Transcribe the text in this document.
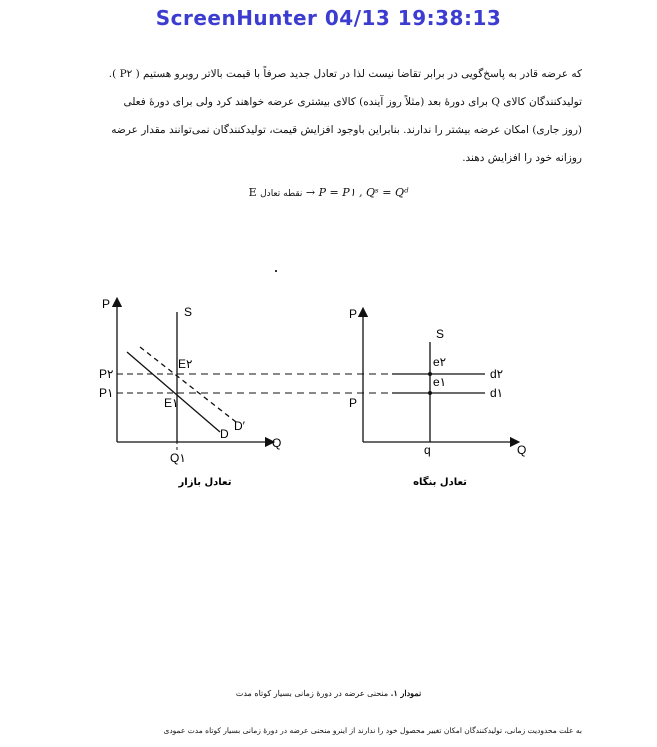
ScreenHunter 04/13 19:38:13
که عرضه قادر به پاسخ‌گویی در برابر تقاضا نیست لذا در تعادل جدید صرفاً با قیمت بالاتر روبرو هستیم ( P۲ ).
تولیدکنندگان کالای Q برای دورهٔ بعد (مثلاً روز آینده) کالای بیشتری عرضه خواهند کرد ولی برای دورهٔ فعلی
(روز جاری) امکان عرضه بیشتر را ندارند. بنابراین باوجود افزایش قیمت، تولیدکنندگان نمی‌توانند مقدار عرضه
روزانه خود را افزایش دهند.
E نقطه تعادل → P = P۱ , Qˢ = Qᵈ
P
Q
S
E۲
E۱
D
D′
P۲
P۱
Q۱
تعادل بازار
P
Q
S
e۲
e۱
d۲
d۱
P
q
تعادل بنگاه
نمودار ۱. منحنی عرضه در دورهٔ زمانی بسیار کوتاه مدت
به علت محدودیت زمانی، تولیدکنندگان امکان تغییر محصول خود را ندارند از اینرو منحنی عرضه در دورهٔ زمانی بسیار کوتاه مدت عمودی
